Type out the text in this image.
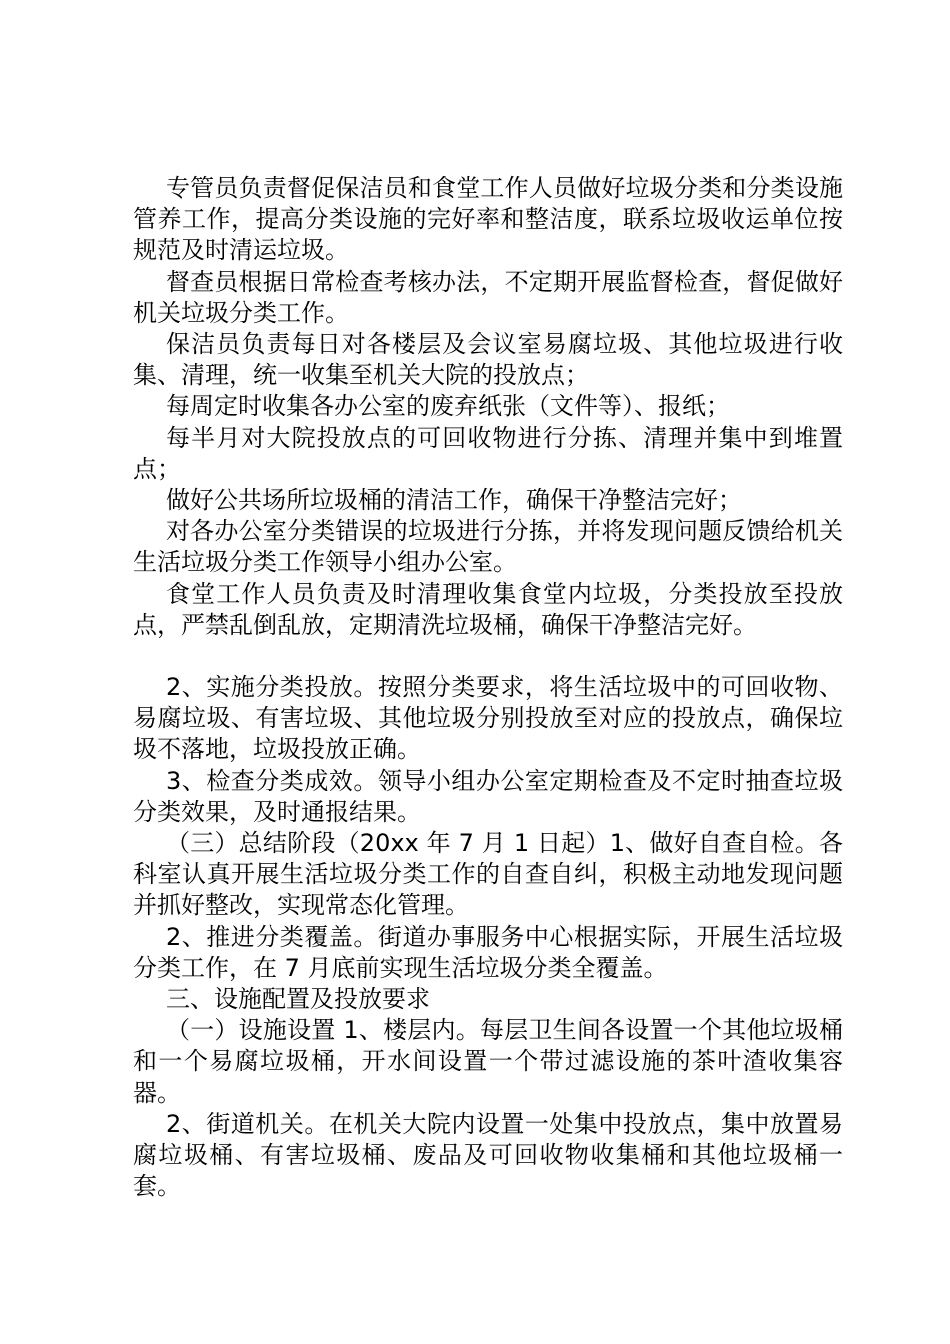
专管员负责督促保洁员和食堂工作人员做好垃圾分类和分类设施管养工作，提高分类设施的完好率和整洁度，联系垃圾收运单位按规范及时清运垃圾。

督查员根据日常检查考核办法，不定期开展监督检查，督促做好机关垃圾分类工作。

保洁员负责每日对各楼层及会议室易腐垃圾、其他垃圾进行收集、清理，统一收集至机关大院的投放点；

每周定时收集各办公室的废弃纸张（文件等）、报纸；

每半月对大院投放点的可回收物进行分拣、清理并集中到堆置点；

做好公共场所垃圾桶的清洁工作，确保干净整洁完好；

对各办公室分类错误的垃圾进行分拣，并将发现问题反馈给机关生活垃圾分类工作领导小组办公室。

食堂工作人员负责及时清理收集食堂内垃圾，分类投放至投放点，严禁乱倒乱放，定期清洗垃圾桶，确保干净整洁完好。

2、实施分类投放。按照分类要求，将生活垃圾中的可回收物、易腐垃圾、有害垃圾、其他垃圾分别投放至对应的投放点，确保垃圾不落地，垃圾投放正确。

3、检查分类成效。领导小组办公室定期检查及不定时抽查垃圾分类效果，及时通报结果。

（三）总结阶段（20xx 年 7 月 1 日起）1、做好自查自检。各科室认真开展生活垃圾分类工作的自查自纠，积极主动地发现问题并抓好整改，实现常态化管理。

2、推进分类覆盖。街道办事服务中心根据实际，开展生活垃圾分类工作，在 7 月底前实现生活垃圾分类全覆盖。

三、设施配置及投放要求

（一）设施设置 1、楼层内。每层卫生间各设置一个其他垃圾桶和一个易腐垃圾桶，开水间设置一个带过滤设施的茶叶渣收集容器。

2、街道机关。在机关大院内设置一处集中投放点，集中放置易腐垃圾桶、有害垃圾桶、废品及可回收物收集桶和其他垃圾桶一套。
